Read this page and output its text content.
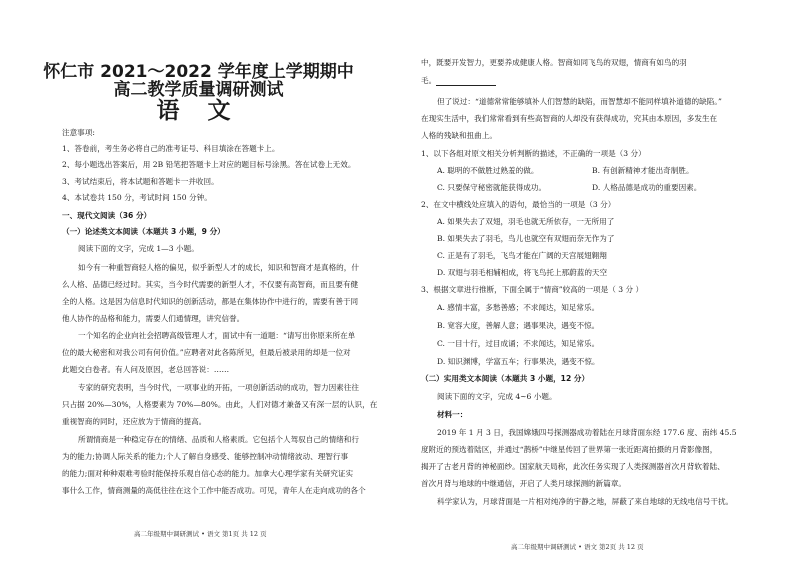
怀仁市 2021～2022 学年度上学期期中
高二教学质量调研测试
语 文
注意事项:
1、答卷前，考生务必将自己的准考证号、科目填涂在答题卡上。
2、每小题选出答案后，用 2B 铅笔把答题卡上对应的题目标号涂黑。答在试卷上无效。
3、考试结束后，将本试题和答题卡一并收回。
4、本试卷共 150 分，考试时间 150 分钟。
一、现代文阅读（36 分）
（一）论述类文本阅读（本题共 3 小题，9 分）
阅读下面的文字，完成 1—3 小题。
如今有一种重智商轻人格的偏见，似乎新型人才的成长，知识和智商才是真格的，什
么人格、品德已经过时。其实，当今时代需要的新型人才，不仅要有高智商，而且要有健
全的人格。这是因为信息时代知识的创新活动，都是在集体协作中进行的，需要有善于同
他人协作的品格和能力，需要人们通情理，讲究信誉。
一个知名的企业向社会招聘高级管理人才，面试中有一道题：“请写出你原来所在单
位的最大秘密和对我公司有何价值。”应聘者对此各陈所见，但最后被录用的却是一位对
此题交白卷者。有人问及原因，老总回答说：……
专家的研究表明，当今时代，一项事业的开拓，一项创新活动的成功，智力因素往往
只占据 20%—30%，人格要素为 70%—80%。由此，人们对德才兼备又有深一层的认识，在
重视智商的同时，还应放为于情商的提高。
所谓情商是一种稳定存在的情绪、品质和人格素质。它包括个人驾驭自己的情绪和行
为的能力;协调人际关系的能力;个人了解自身感受、能够控制冲动情绪波动、理智行事
的能力;面对种种艰难考验时能保持乐观自信心态的能力。加拿大心理学家有关研究证实
事什么工作，情商测量的高低往往在这个工作中能否成功。可见，青年人在走向成功的各个
高二年级期中调研测试 • 语文 第1页 共 12 页
中，既要开发智力，更要养成健康人格。智商如同飞鸟的双翅，情商有如鸟的羽
毛。
但了说过：“道德常常能够填补人们智慧的缺陷，而智慧却不能同样填补道德的缺陷。”
在现实生活中，我们常常看到有些高智商的人却没有获得成功，究其由本原因，多发生在
人格的残缺和扭曲上。
1、以下各组对原文相关分析判断的描述，不正确的一项是（3 分）
A. 聪明的不做胜过熟羞的做。	B. 有创新精神才能出奇制胜。
C. 只要保守秘密就能获得成功。	D. 人格品德是成功的重要因素。
2、在文中横线处应填入的语句，最恰当的一项是（3 分）
A. 如果失去了双翅，羽毛也就无所依存，一无所用了
B. 如果失去了羽毛，鸟儿也就空有双翅而奈无作为了
C. 正是有了羽毛，飞鸟才能在广阔的天宫展翅翱翔
D. 双翅与羽毛相辅相成，将飞鸟托上那蔚蓝的天空
3、根据文章进行推断，下面全属于“情商”较高的一项是（ 3 分 ）
A. 感情丰富，多愁善感；不求闻达，知足常乐。
B. 宽容大度，善解人意；遇事果决，遇变不惊。
C. 一目十行，过目成诵；不求闻达，知足常乐。
D. 知识渊博，学富五车；行事果决，遇变不惊。
（二）实用类文本阅读（本题共 3 小题，12 分）
阅读下面的文字，完成 4~6 小题。
材料一：
2019 年 1 月 3 日，我国嫦娥四号探测器成功着陆在月球背面东经 177.6 度、南纬 45.5
度附近的预选着陆区，并通过“鹊桥”中继星传回了世界第一张近距离拍摄的月背影像图，
揭开了古老月背的神秘面纱。国家航天局称，此次任务实现了人类探测器首次月背软着陆、
首次月背与地球的中继通信，开启了人类月球探测的新篇章。
科学家认为，月球背面是一片相对纯净的宇静之地，屏蔽了来自地球的无线电信号干扰。
高二年级期中调研测试 • 语文 第2页 共 12 页
